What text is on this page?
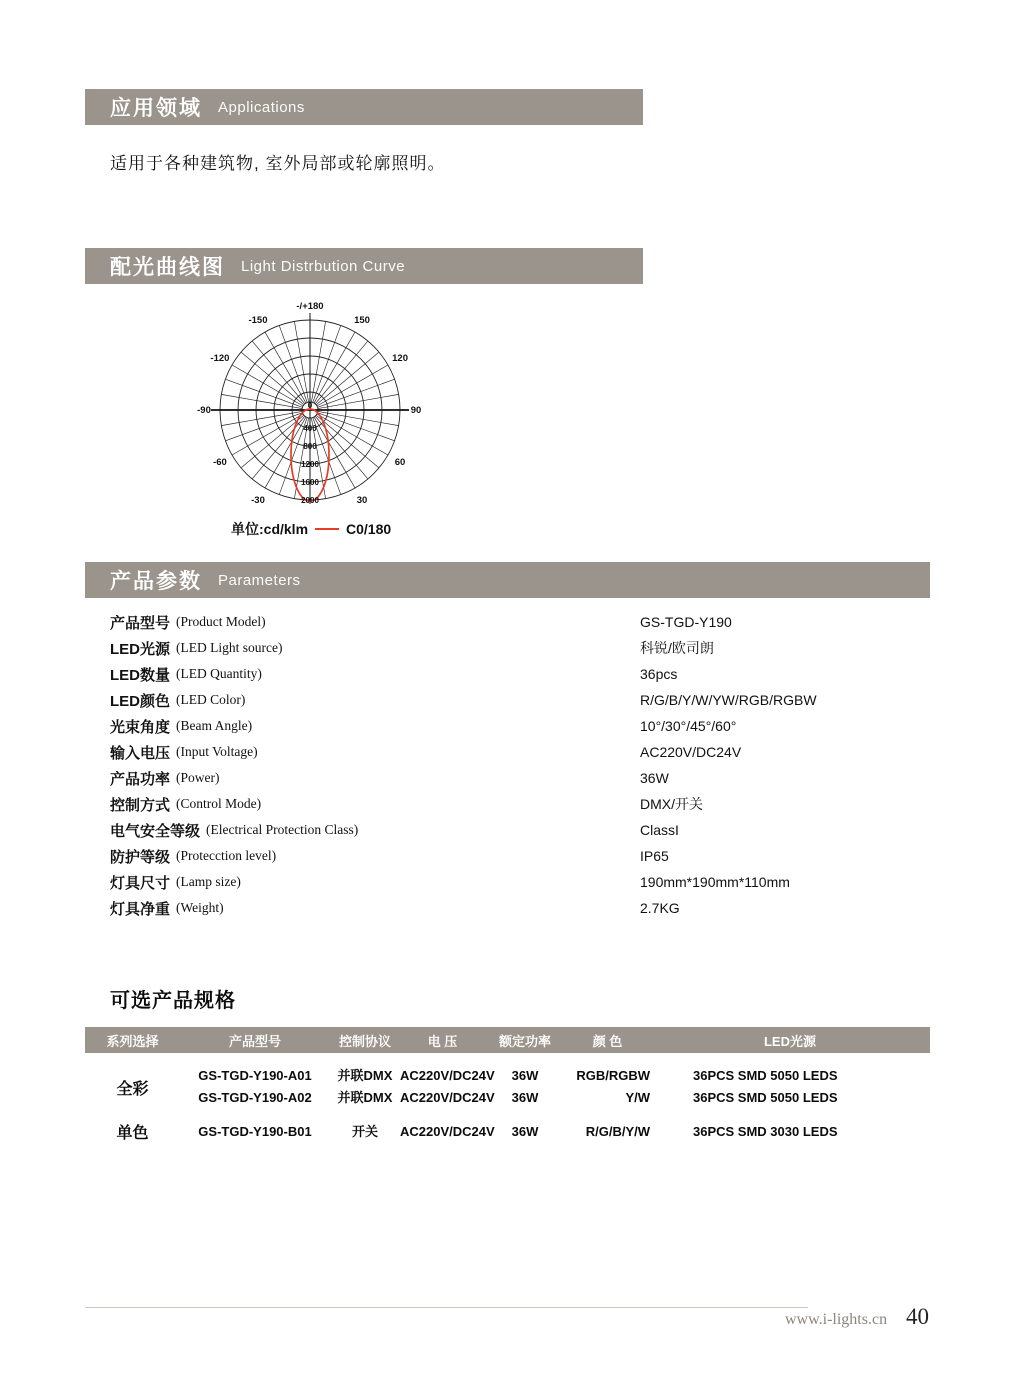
应用领域 Applications
适用于各种建筑物, 室外局部或轮廓照明。
配光曲线图 Light Distrbution Curve
-/+180
150
-150
120
-120
90
-90
60
-60
30
-30
0
400
800
1200
1600
2000
单位:cd/klm	C0/180
产品参数 Parameters
产品型号 (Product Model)	GS-TGD-Y190
LED光源 (LED Light source)	科锐/欧司朗
LED数量 (LED Quantity)	36pcs
LED颜色 (LED Color)	R/G/B/Y/W/YW/RGB/RGBW
光束角度 (Beam Angle)	10°/30°/45°/60°
输入电压 (Input Voltage)	AC220V/DC24V
产品功率 (Power)	36W
控制方式 (Control Mode)	DMX/开关
电气安全等级 (Electrical Protection Class)	ClassI
防护等级 (Protecction level)	IP65
灯具尺寸 (Lamp size)	190mm*190mm*110mm
灯具净重 (Weight)	2.7KG
可选产品规格
系列选择	产品型号	控制协议	电 压	额定功率	颜 色	LED光源
全彩
GS-TGD-Y190-A01	并联DMX AC220V/DC24V	36W	RGB/RGBW	36PCS SMD 5050 LEDS
GS-TGD-Y190-A02	并联DMX AC220V/DC24V	36W	Y/W	36PCS SMD 5050 LEDS
单色	GS-TGD-Y190-B01	开关	AC220V/DC24V	36W	R/G/B/Y/W	36PCS SMD 3030 LEDS
www.i-lights.cn 40
